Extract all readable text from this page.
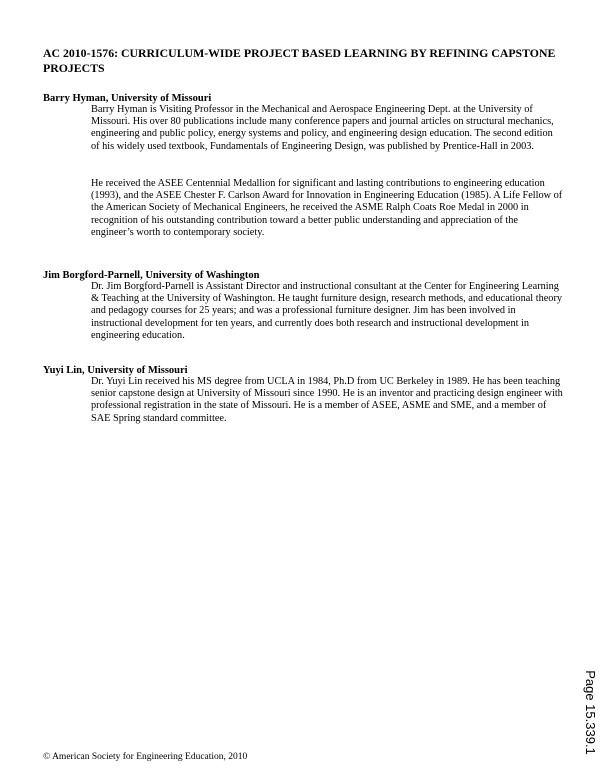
AC 2010-1576: CURRICULUM-WIDE PROJECT BASED LEARNING BY REFINING CAPSTONE PROJECTS
Barry Hyman, University of Missouri

Barry Hyman is Visiting Professor in the Mechanical and Aerospace Engineering Dept. at the University of Missouri. His over 80 publications include many conference papers and journal articles on structural mechanics, engineering and public policy, energy systems and policy, and engineering design education. The second edition of his widely used textbook, Fundamentals of Engineering Design, was published by Prentice-Hall in 2003.

He received the ASEE Centennial Medallion for significant and lasting contributions to engineering education (1993), and the ASEE Chester F. Carlson Award for Innovation in Engineering Education (1985). A Life Fellow of the American Society of Mechanical Engineers, he received the ASME Ralph Coats Roe Medal in 2000 in recognition of his outstanding contribution toward a better public understanding and appreciation of the engineer’s worth to contemporary society.

Jim Borgford-Parnell, University of Washington

Dr. Jim Borgford-Parnell is Assistant Director and instructional consultant at the Center for Engineering Learning & Teaching at the University of Washington. He taught furniture design, research methods, and educational theory and pedagogy courses for 25 years; and was a professional furniture designer. Jim has been involved in instructional development for ten years, and currently does both research and instructional development in engineering education.

Yuyi Lin, University of Missouri

Dr. Yuyi Lin received his MS degree from UCLA in 1984, Ph.D from UC Berkeley in 1989. He has been teaching senior capstone design at University of Missouri since 1990. He is an inventor and practicing design engineer with professional registration in the state of Missouri. He is a member of ASEE, ASME and SME, and a member of SAE Spring standard committee.

© American Society for Engineering Education, 2010
Page 15.339.1
